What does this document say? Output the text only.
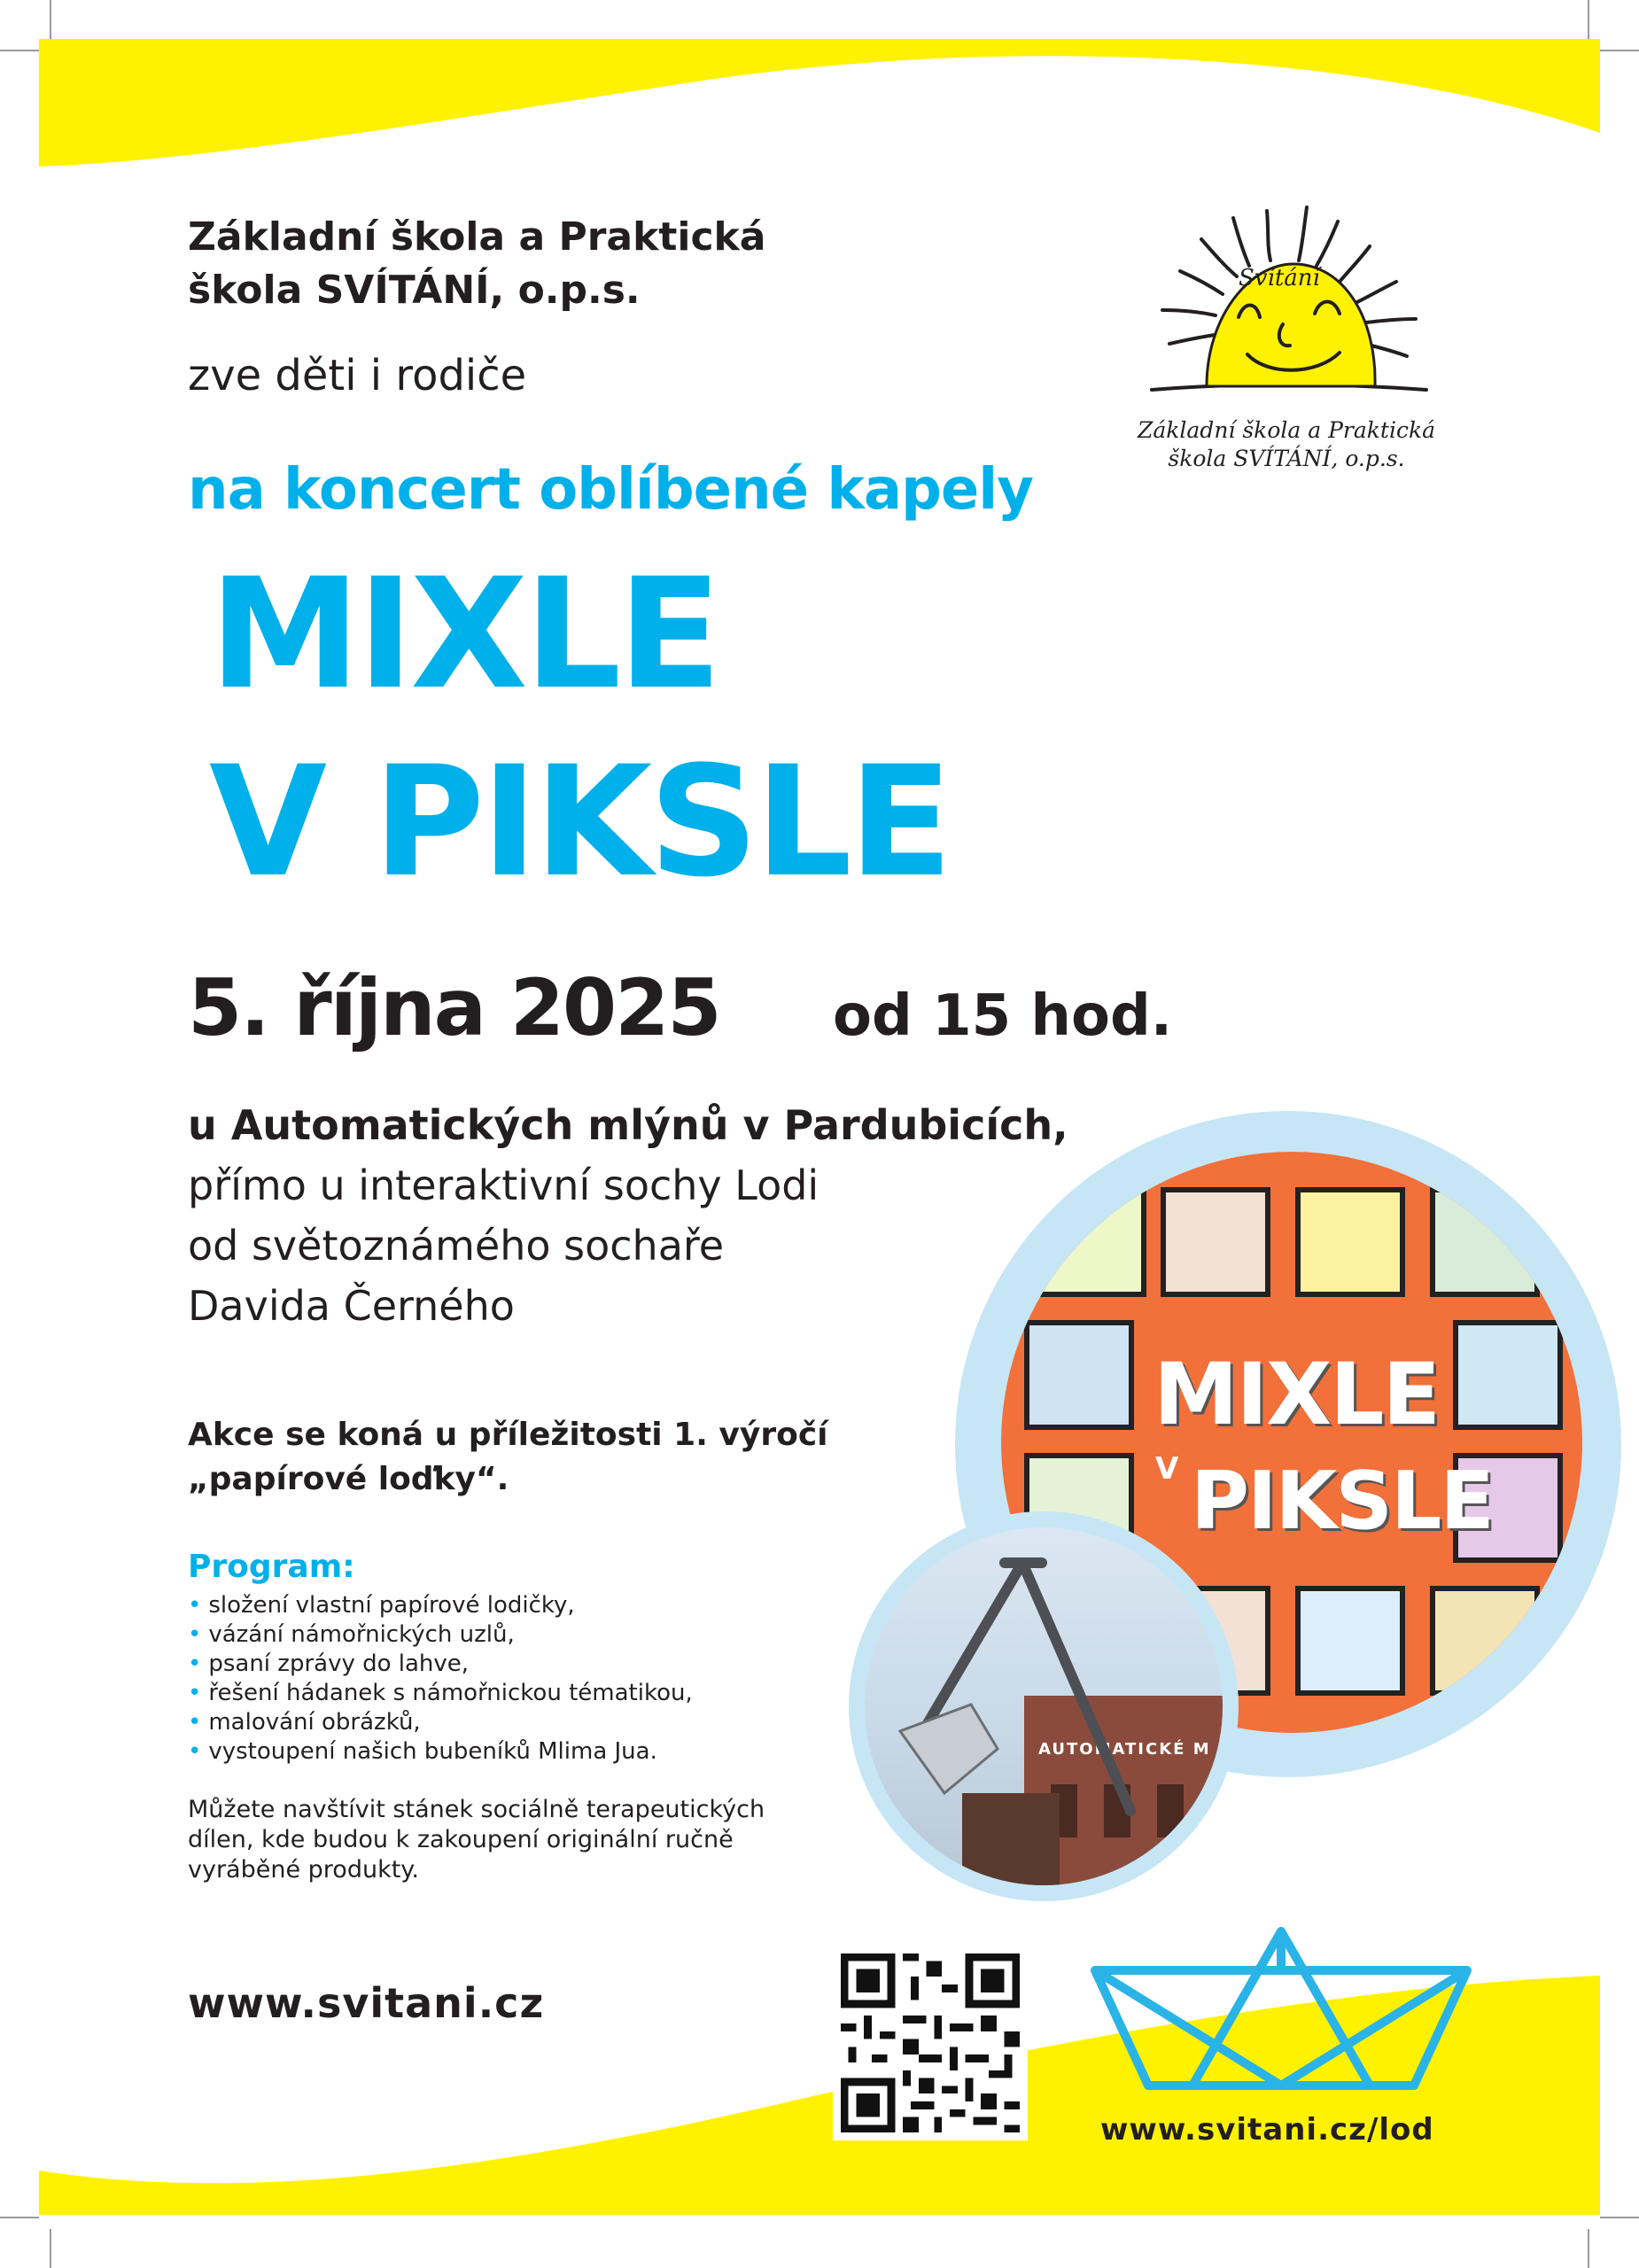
Základní škola a Praktická
škola SVÍTÁNÍ, o.p.s.
zve děti i rodiče
na koncert oblíbené kapely
MIXLE
V PIKSLE
5. října 2025 od 15 hod.
u Automatických mlýnů v Pardubicích,
přímo u interaktivní sochy Lodi
od světoznámého sochaře
Davida Černého
Akce se koná u příležitosti 1. výročí
„papírové loďky“.
Program:
• složení vlastní papírové lodičky,
• vázání námořnických uzlů,
• psaní zprávy do lahve,
• řešení hádanek s námořnickou tématikou,
• malování obrázků,
• vystoupení našich bubeníků Mlima Jua.
Můžete navštívit stánek sociálně terapeutických
dílen, kde budou k zakoupení originální ručně
vyráběné produkty.
Svítání
Základní škola a Praktická
škola SVÍTÁNÍ, o.p.s.
MIXLE
V PIKSLE
AUTOMATICKÉ M
www.svitani.cz
www.svitani.cz/lod
